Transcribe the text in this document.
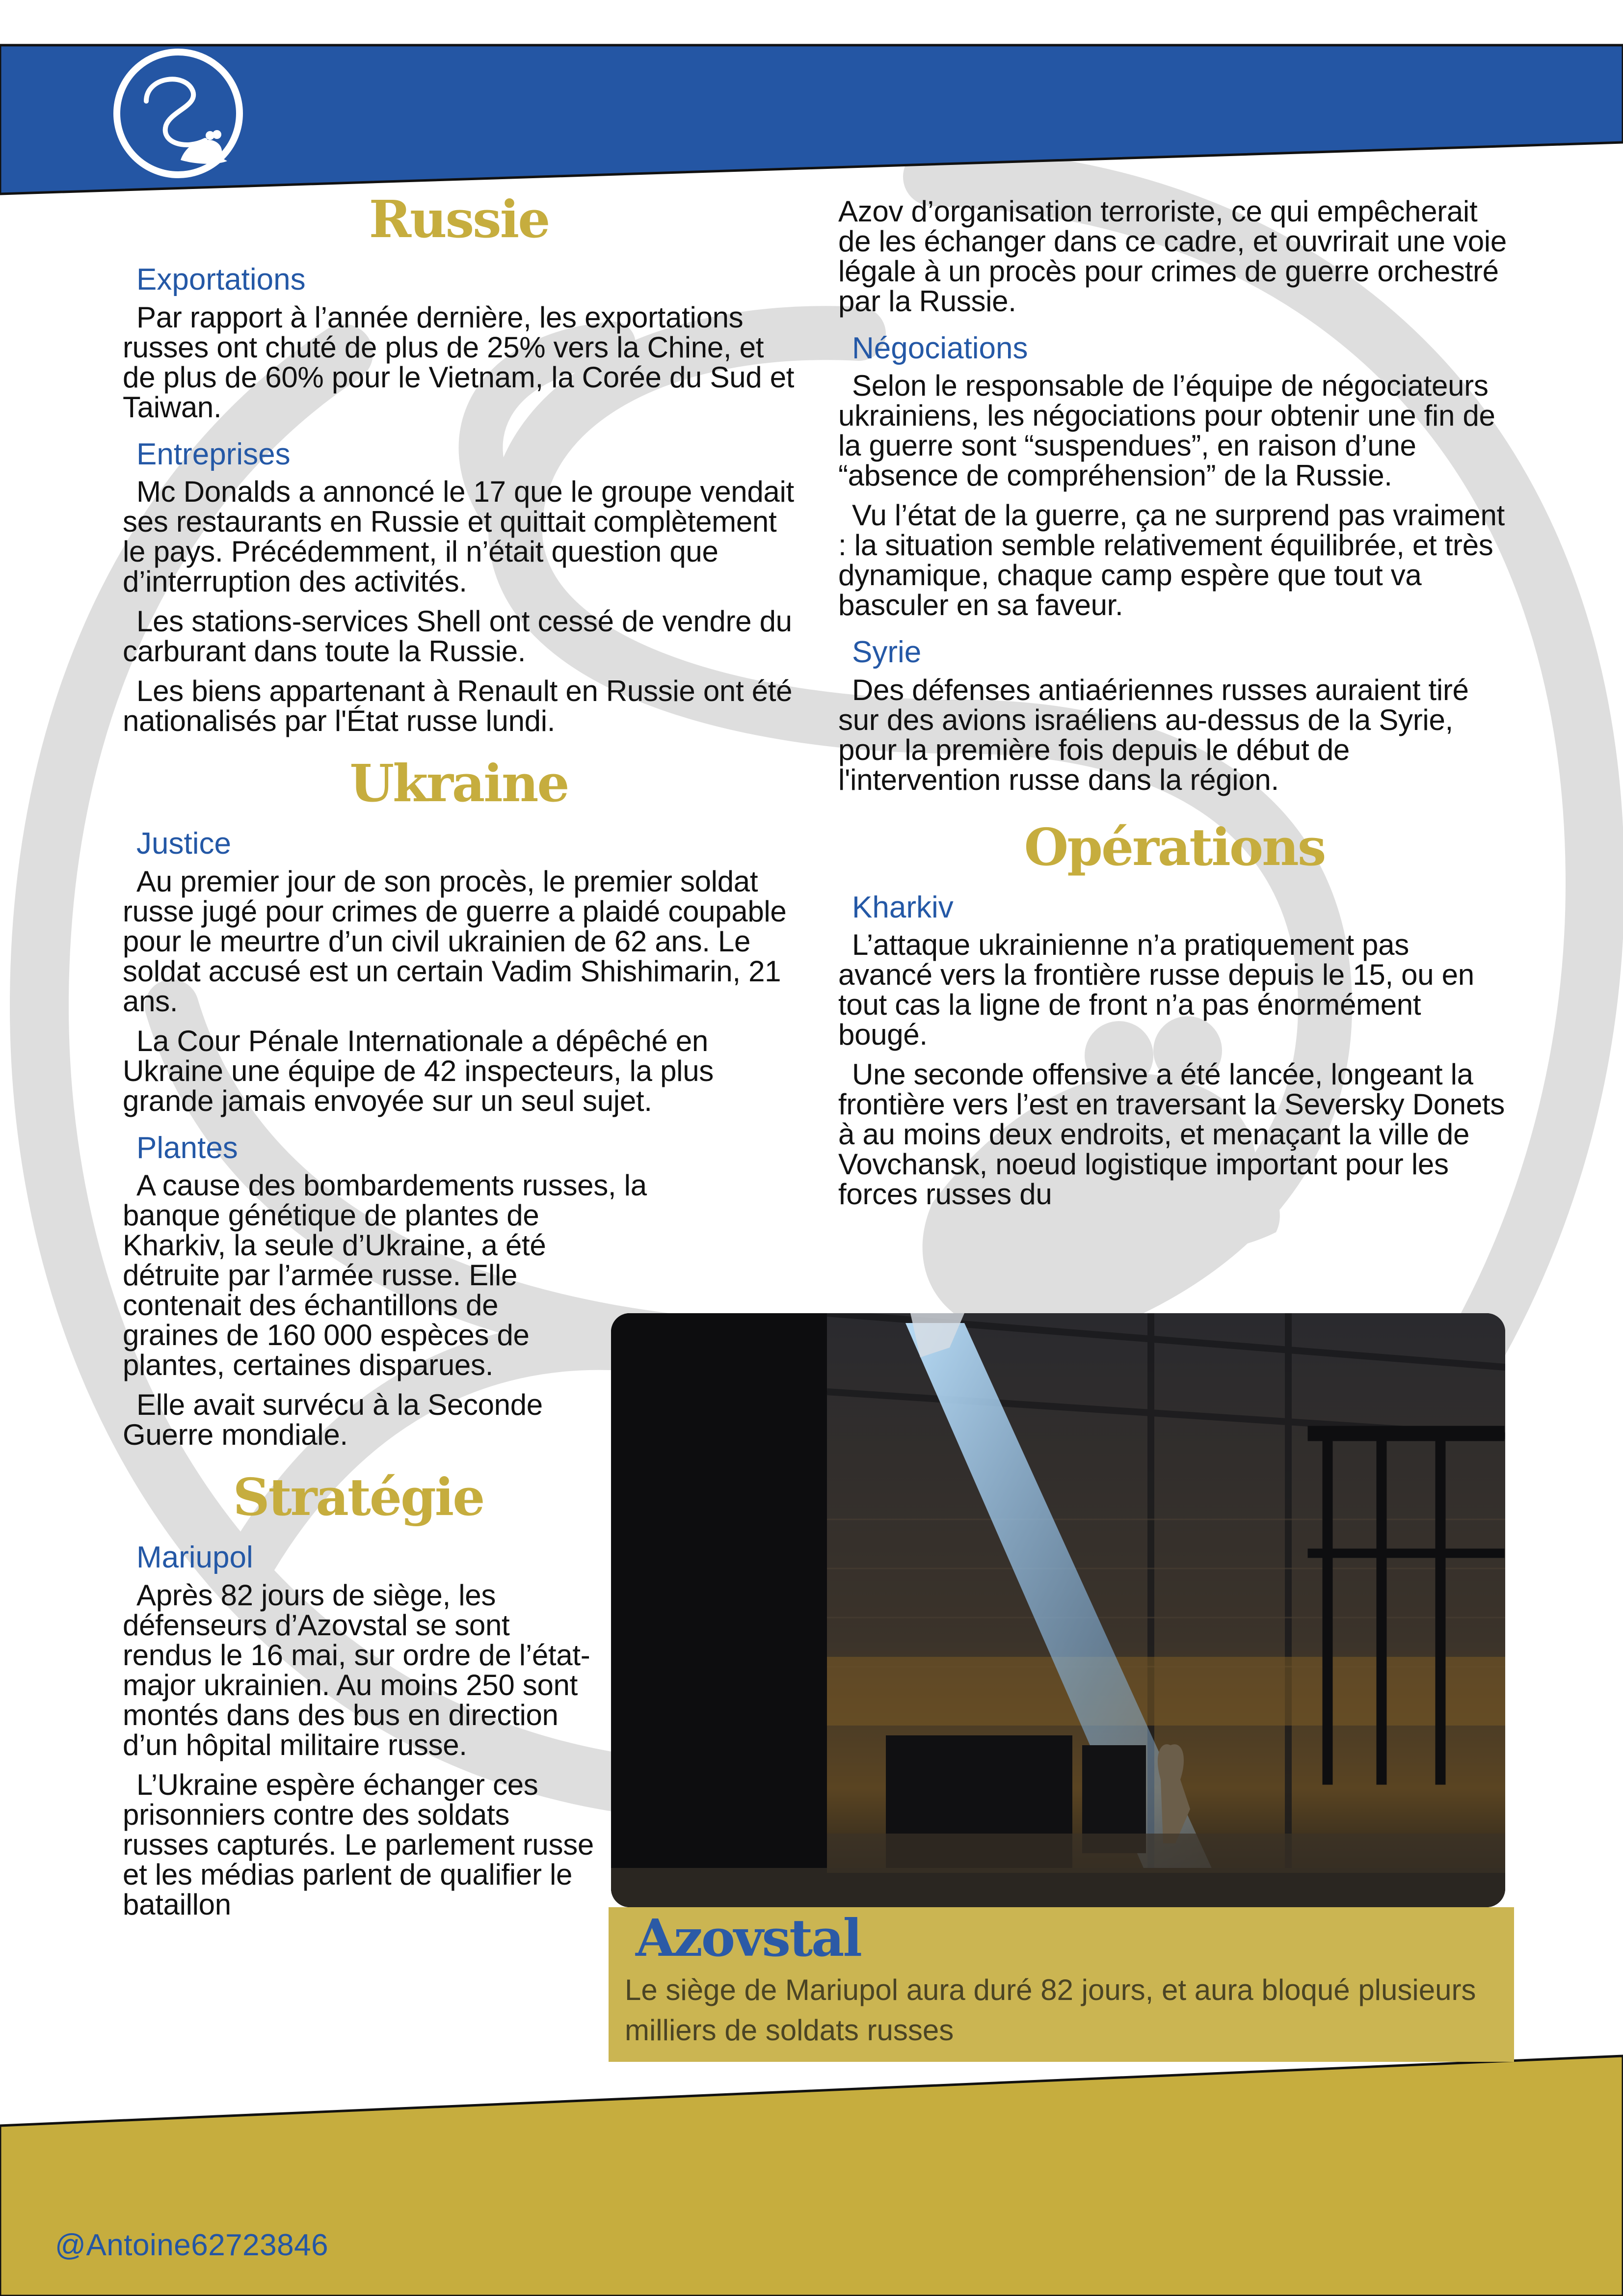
Russie
Exportations

Par rapport à l’année dernière, les exportations russes ont chuté de plus de 25% vers la Chine, et de plus de 60% pour le Vietnam, la Corée du Sud et Taiwan.

Entreprises

Mc Donalds a annoncé le 17 que le groupe vendait ses restaurants en Russie et quittait complètement le pays. Précédemment, il n’était question que d’interruption des activités.

Les stations-services Shell ont cessé de vendre du carburant dans toute la Russie.

Les biens appartenant à Renault en Russie ont été nationalisés par l'État russe lundi.

Ukraine
Justice

Au premier jour de son procès, le premier soldat russe jugé pour crimes de guerre a plaidé coupable pour le meurtre d’un civil ukrainien de 62 ans. Le soldat accusé est un certain Vadim Shishimarin, 21 ans.

La Cour Pénale Internationale a dépêché en Ukraine une équipe de 42 inspecteurs, la plus grande jamais envoyée sur un seul sujet.

Plantes

A cause des bombardements russes, la

banque génétique de plantes de Kharkiv, la seule d’Ukraine, a été détruite par l’armée russe. Elle contenait des échantillons de graines de 160 000 espèces de plantes, certaines disparues.

Elle avait survécu à la Seconde Guerre mondiale.

Stratégie
Mariupol

Après 82 jours de siège, les défenseurs d’Azovstal se sont rendus le 16 mai, sur ordre de l’état-major ukrainien. Au moins 250 sont montés dans des bus en direction d’un hôpital militaire russe.

L’Ukraine espère échanger ces prisonniers contre des soldats russes capturés. Le parlement russe et les médias parlent de qualifier le bataillon

Azov d’organisation terroriste, ce qui empêcherait de les échanger dans ce cadre, et ouvrirait une voie légale à un procès pour crimes de guerre orchestré par la Russie.

Négociations

Selon le responsable de l’équipe de négociateurs ukrainiens, les négociations pour obtenir une fin de la guerre sont “suspendues”, en raison d’une “absence de compréhension” de la Russie.

Vu l’état de la guerre, ça ne surprend pas vraiment : la situation semble relativement équilibrée, et très dynamique, chaque camp espère que tout va basculer en sa faveur.

Syrie

Des défenses antiaériennes russes auraient tiré sur des avions israéliens au-dessus de la Syrie, pour la première fois depuis le début de l'intervention russe dans la région.

Opérations
Kharkiv

L’attaque ukrainienne n’a pratiquement pas avancé vers la frontière russe depuis le 15, ou en tout cas la ligne de front n’a pas énormément bougé.

Une seconde offensive a été lancée, longeant la frontière vers l’est en traversant la Seversky Donets à au moins deux endroits, et menaçant la ville de Vovchansk, noeud logistique important pour les forces russes du

Azovstal
Le siège de Mariupol aura duré 82 jours, et aura bloqué plusieurs milliers de soldats russes
@Antoine62723846
